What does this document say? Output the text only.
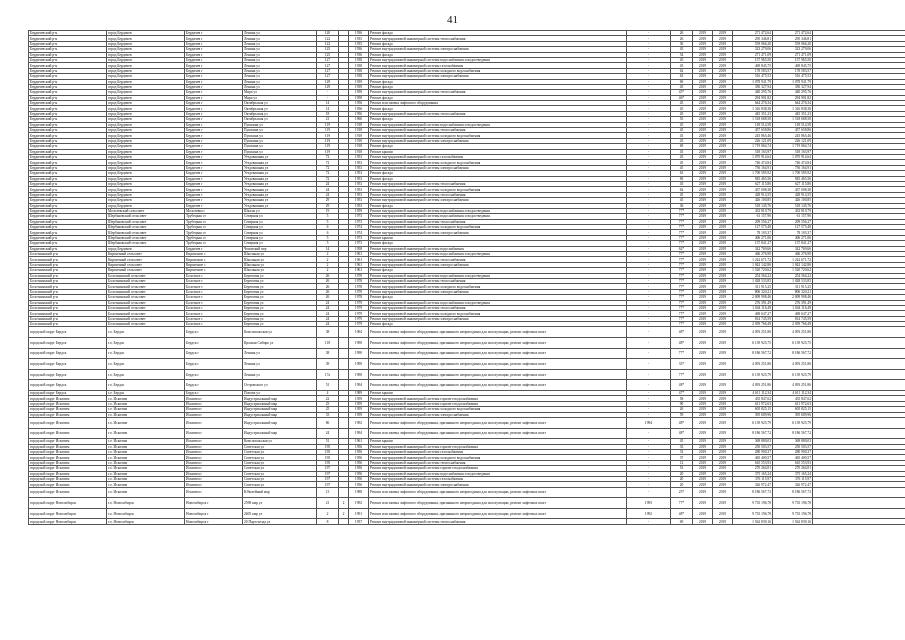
41
Бердичевский р-н	город Бердичев	Бердичев г	Ленина ул	120		1936	Ремонт фасада	-	26	2019	2019	271 472,64	271 472,64	
Бердичевский р-н	город Бердичев	Бердичев г	Ленина ул	122		1935	Ремонт внутридомовой инженерной системы теплоснабжения	-	26	2019	2019	295 346,81	295 346,81	
Бердичевский р-н	город Бердичев	Бердичев г	Ленина ул	122		1935	Ремонт фасада	-	36	2019	2019	539 066,20	539 066,20	
Бердичевский р-н	город Бердичев	Бердичев г	Ленина ул	125		1936	Ремонт внутридомовой инженерной системы электроснабжения	-	45	2019	2019	323 279,06	323 279,06	
Бердичевский р-н	город Бердичев	Бердичев г	Ленина ул	125		1936	Ремонт фасада	-	54	2019	2019	271 471,09	271 471,09	
Бердичевский р-н	город Бердичев	Бердичев г	Ленина ул	127		1938	Ремонт внутридомовой инженерной системы водоснабжения и водоотведения	-	45	2019	2019	157 965,50	157 965,50	
Бердичевский р-н	город Бердичев	Бердичев г	Ленина ул	127		1938	Ремонт внутридомовой инженерной системы газоснабжения	-	45	2019	2019	469 845,75	469 845,75	
Бердичевский р-н	город Бердичев	Бердичев г	Ленина ул	127		1938	Ремонт внутридомовой инженерной системы холодного водоснабжения	-	62	2019	2019	178 583,57	178 583,57	
Бердичевский р-н	город Бердичев	Бердичев г	Ленина ул	127		1938	Ремонт внутридомовой инженерной системы электроснабжения	-	63	2019	2019	516 475,53	516 475,53	
Бердичевский р-н	город Бердичев	Бердичев г	Ленина ул	129		1939	Ремонт фасада	-	69	2019	2019	1 078 941,79	1 078 941,79	
Бердичевский р-н	город Бердичев	Бердичев г	Ленина ул	129		1939	Ремонт фасада	-	45	2019	2019	350 327,94	350 327,94	
Бердичевский р-н	город Бердичев	Бердичев г	Мира ул	-		1958	Ремонт внутридомовой инженерной системы теплоснабжения	-	45*	2019	2019	440 295,76	440 295,76	
Бердичевский р-н	город Бердичев	Бердичев г	Мира ул	-		1958	Ремонт фасада	-	46*	2019	2019	294 901,82	294 901,82	
Бердичевский р-н	город Бердичев	Бердичев г	Октябрьская ул	14		1956	Ремонт или замена лифтового оборудования	-	45	2019	2019	644 276,34	644 276,34	
Бердичевский р-н	город Бердичев	Бердичев г	Октябрьская ул	14		1956	Ремонт фасада	-	45	2019	2019	1 316 838,38	1 316 838,38	
Бердичевский р-н	город Бердичев	Бердичев г	Октябрьская ул	18		1956	Ремонт внутридомовой инженерной системы теплоснабжения	-	45	2019	2019	445 351,23	445 351,23	
Бердичевский р-н	город Бердичев	Бердичев г	Октябрьская ул	21		1960	Ремонт фасада	-	55	2019	2019	1 518 688,58	1 518 688,58	
Бердичевский р-н	город Бердичев	Бердичев г	Пушкина ул	119		1918	Ремонт внутридомовой инженерной системы водоснабжения и водоотведения	-	45	2019	2019	149 514,58	149 514,58	
Бердичевский р-н	город Бердичев	Бердичев г	Пушкина ул	119		1918	Ремонт внутридомовой инженерной системы теплоснабжения	-	45	2019	2019	457 658,86	457 658,86	
Бердичевский р-н	город Бердичев	Бердичев г	Пушкина ул	119		1918	Ремонт внутридомовой инженерной системы холодного водоснабжения	-	45	2019	2019	245 865,46	245 865,46	
Бердичевский р-н	город Бердичев	Бердичев г	Пушкина ул	119		1918	Ремонт внутридомовой инженерной системы электроснабжения	-	45	2019	2019	226 121,09	226 121,09	
Бердичевский р-н	город Бердичев	Бердичев г	Пушкина ул	119		1918	Ремонт фасада	-	69	2019	2019	1 719 064,74	1 719 064,74	
Бердичевский р-н	город Бердичев	Бердичев г	Пушкина ул	119		1918	Ремонт крыши	-	45	2019	2019	518 163,97	518 163,97	
Бердичевский р-н	город Бердичев	Бердичев г	Уездовашная ул	72		1953	Ремонт внутридомовой инженерной системы газоснабжения	-	45	2019	2019	1 070 914,64	1 070 914,64	
Бердичевский р-н	город Бердичев	Бердичев г	Уездовашная ул	72		1953	Ремонт внутридомовой инженерной системы холодного водоснабжения	-	45	2019	2019	746 474,84	746 474,84	
Бердичевский р-н	город Бердичев	Бердичев г	Уездовашная ул	72		1953	Ремонт внутридомовой инженерной системы электроснабжения	-	45	2019	2019	756 164,91	756 164,91	
Бердичевский р-н	город Бердичев	Бердичев г	Уездовашная ул	72		1953	Ремонт фасада	-	63	2019	2019	1 700 585,92	1 700 585,92	
Бердичевский р-н	город Бердичев	Бердичев г	Уездовашная ул	72		1953	Ремонт фасада	-	69	2019	2019	945 465,56	945 465,56	
Бердичевский р-н	город Бердичев	Бердичев г	Уездовашная ул	24		1953	Ремонт внутридомовой инженерной системы теплоснабжения	-	45	2019	2019	627 115,86	627 115,86	
Бердичевский р-н	город Бердичев	Бердичев г	Уездовашная ул	24		1953	Ремонт внутридомовой инженерной системы холодного водоснабжения	-	62	2019	2019	457 008,38	457 008,38	
Бердичевский р-н	город Бердичев	Бердичев г	Уездовашная ул	24		1953	Ремонт внутридомовой инженерной системы теплоснабжения	-	45	2019	2019	428 914,55	428 914,55	
Бердичевский р-н	город Бердичев	Бердичев г	Уездовашная ул	29		1953	Ремонт внутридомовой инженерной системы электроснабжения	-	45	2019	2019	426 100,85	426 100,85	
Бердичевский р-н	город Бердичев	Бердичев г	Уездовашная ул	29		1953	Ремонт фасада	-	36	2019	2019	518 145,76	518 145,76	
Бердичевский р-н	Молотевский сельсовет	Молотевка с	Шкалы ул	19		1959	Ремонт внутридомовой инженерной системы водоснабжения и водоотведения	-	77*	2019	2019	433 819,79	433 819,79	
Бердичевский р-н	Шербаковский сельсовет	Трубецкая ст	Северная ул	5		1973	Ремонт внутридомовой инженерной системы водоснабжения и водоотведения	-	77*	2019	2019	61 157,96	61 157,96	
Бердичевский р-н	Шербаковский сельсовет	Трубецкая ст	Северная ул	5		1973	Ремонт внутридомовой инженерной системы теплоснабжения	-	77*	2019	2019	209 556,27	209 556,27	
Бердичевский р-н	Шербаковский сельсовет	Трубецкая ст	Северная ул	6		1974	Ремонт внутридомовой инженерной системы холодного водоснабжения	-	77*	2019	2019	127 575,48	127 575,48	
Бердичевский р-н	Шербаковский сельсовет	Трубецкая ст	Северная ул	6		1974	Ремонт внутридомовой инженерной системы электроснабжения	-	77*	2019	2019	78 103,37	78 103,37	
Бердичевский р-н	Шербаковский сельсовет	Трубецкая ст	Северная ул	5		1973	Ремонт крыши	-	77*	2019	2019	406 271,06	406 271,06	
Бердичевский р-н	Шербаковский сельсовет	Трубецкая ст	Северная ул	5		1973	Ремонт фасада	-	77*	2019	2019	137 841,27	137 841,27	
Бердичевский р-н	город Бердичев	Бердичев г	Чеховский пер	14		1958	Ремонт внутридомовой инженерной системы водоснабжения	-	62*	2019	2019	342 769,66	342 769,66	
Болотнинский р-н	Кирпичный сельсовет	Кирпичное с	Школьная ул	2		1961	Ремонт внутридомовой инженерной системы водоснабжения и водоотведения	-	77*	2019	2019	466 276,90	466 276,90	
Болотнинский р-н	Кирпичный сельсовет	Кирпичное с	Школьная ул	2		1961	Ремонт внутридомовой инженерной системы теплоснабжения	-	77*	2019	2019	1 242 671,72	1 242 671,72	
Болотнинский р-н	Кирпичный сельсовет	Кирпичное с	Школьная ул	2		1961	Ремонт внутридомовой инженерной системы электроснабжения	-	77*	2019	2019	1 042 142,86	1 042 142,86	
Болотнинский р-н	Кирпичный сельсовет	Кирпичное с	Школьная ул	2		1961	Ремонт фасада	-	77*	2019	2019	1 520 720,62	1 520 720,62	
Болотнинский р-н	Болотнинский сельсовет	Болотное с	Береговая ул	26		1978	Ремонт внутридомовой инженерной системы водоснабжения и водоотведения	-	77*	2019	2019	254 564,22	254 564,22	
Болотнинский р-н	Болотнинский сельсовет	Болотное с	Береговая ул	26		1978	Ремонт внутридомовой инженерной системы теплоснабжения	-	77*	2019	2019	1 028 533,85	1 028 533,85	
Болотнинский р-н	Болотнинский сельсовет	Болотное с	Береговая ул	26		1978	Ремонт внутридомовой инженерной системы холодного водоснабжения	-	77*	2019	2019	311 915,25	311 915,25	
Болотнинский р-н	Болотнинский сельсовет	Болотное с	Береговая ул	26		1978	Ремонт внутридомовой инженерной системы электроснабжения	-	77*	2019	2019	806 320,21	806 320,21	
Болотнинский р-н	Болотнинский сельсовет	Болотное с	Береговая ул	26		1978	Ремонт фасада	-	77*	2019	2019	2 009 908,46	2 009 908,46	
Болотнинский р-н	Болотнинский сельсовет	Болотное с	Береговая ул	24		1979	Ремонт внутридомовой инженерной системы водоснабжения и водоотведения	-	77*	2019	2019	276 391,49	276 391,49	
Болотнинский р-н	Болотнинский сельсовет	Болотное с	Береговая ул	24		1979	Ремонт внутридомовой инженерной системы теплоснабжения	-	77*	2019	2019	1 044 116,49	1 044 116,49	
Болотнинский р-н	Болотнинский сельсовет	Болотное с	Береговая ул	24		1979	Ремонт внутридомовой инженерной системы холодного водоснабжения	-	77*	2019	2019	469 647,27	469 647,27	
Болотнинский р-н	Болотнинский сельсовет	Болотное с	Береговая ул	24		1979	Ремонт внутридомовой инженерной системы электроснабжения	-	77*	2019	2019	814 745,59	814 745,59	
Болотнинский р-н	Болотнинский сельсовет	Болотное с	Береговая ул	24		1979	Ремонт фасада	-	77*	2019	2019	2 059 766,49	2 059 766,49	
городской округ Бердск	г.о. Бердск	Бердск г	Комсомольская ул	38		1964	Ремонт или замена лифтового оборудования, признанного непригодным для эксплуатации, ремонт лифтовых шахт	-	48*	2019	2019	4 093 251,86	4 093 251,86	
городской округ Бердск	г.о. Бердск	Бердск г	Красная Сибирь ул	118		1990	Ремонт или замена лифтового оборудования, признанного непригодным для эксплуатации, ремонт лифтовых шахт	-	48*	2019	2019	6 139 925,75	6 139 925,75	
городской округ Бердск	г.о. Бердск	Бердск г	Ленина ул	38		1990	Ремонт или замена лифтового оборудования, признанного непригодным для эксплуатации, ремонт лифтовых шахт	-	77*	2019	2019	8 186 567,72	8 186 567,72	
городской округ Бердск	г.о. Бердск	Бердск г	Ленина ул	39		1990	Ремонт или замена лифтового оборудования, признанного непригодным для эксплуатации, ремонт лифтовых шахт	-	33*	2019	2019	4 093 251,86	4 093 251,86	
городской округ Бердск	г.о. Бердск	Бердск г	Ленина ул	17а		1990	Ремонт или замена лифтового оборудования, признанного непригодным для эксплуатации, ремонт лифтовых шахт	-	77*	2019	2019	6 139 925,79	6 139 925,79	
городской округ Бердск	г.о. Бердск	Бердск г	Островского ул	51		1994	Ремонт или замена лифтового оборудования, признанного непригодным для эксплуатации, ремонт лифтовых шахт	-	48*	2019	2019	4 093 251,86	4 093 251,86	
городской округ Бердск	г.о. Бердск	Бердск г	Попова ул	4		1989	Ремонт крыши	-	47*	2019	2019	4 611 112,34	4 611 112,34	
городской округ Искитим	г.о. Искитим	Искитим г	Индустриальный мкр	22		1959	Ремонт внутридомовой инженерной системы горячего водоснабжения	-	58	2019	2019	435 847,62	435 847,62	
городской округ Искитим	г.о. Искитим	Искитим г	Индустриальный мкр	25		1959	Ремонт внутридомовой инженерной системы горячего водоснабжения	-	90	2019	2019	611 972,63	611 972,63	
городской округ Искитим	г.о. Искитим	Искитим г	Индустриальный мкр	25		1959	Ремонт внутридомовой инженерной системы холодного водоснабжения	-	26	2019	2019	605 825,15	605 825,15	
городской округ Искитим	г.о. Искитим	Искитим г	Индустриальный мкр	33		1959	Ремонт внутридомовой инженерной системы электроснабжения	-	59	2019	2019	395 689,96	395 689,96	
городской округ Искитим	г.о. Искитим	Искитим г	Индустриальный мкр	86		1992	Ремонт или замена лифтового оборудования, признанного непригодным для эксплуатации, ремонт лифтовых шахт	1994	48*	2019	2019	6 139 925,79	6 139 925,79	
городской округ Искитим	г.о. Искитим	Искитим г	Индустриальный мкр	24		1994	Ремонт или замена лифтового оборудования, признанного непригодным для эксплуатации, ремонт лифтовых шахт	-	48*	2019	2019	8 186 567,72	8 186 567,72	
городской округ Искитим	г.о. Искитим	Искитим г	Комсомольская ул	51		1961	Ремонт крыши	-	45	2019	2019	369 880,03	369 880,03	
городской округ Искитим	г.о. Искитим	Искитим г	Советская ул	195		1956	Ремонт внутридомовой инженерной системы горячего водоснабжения	-	35	2019	2019	250 503,57	250 503,57	
городской округ Искитим	г.о. Искитим	Искитим г	Советская ул	195		1956	Ремонт внутридомовой инженерной системы газоснабжения	-	33	2019	2019	280 900,37	280 900,37	
городской округ Искитим	г.о. Искитим	Искитим г	Советская ул	195		1956	Ремонт внутридомовой инженерной системы холодного водоснабжения	-	37	2019	2019	465 400,57	465 400,57	
городской округ Искитим	г.о. Искитим	Искитим г	Советская ул	195		1956	Ремонт внутридомовой инженерной системы теплоснабжения	-	12	2019	2019	610 553,93	610 553,93	
городской округ Искитим	г.о. Искитим	Искитим г	Советская ул	197		1956	Ремонт внутридомовой инженерной системы горячего водоснабжения	-	53	2019	2019	270 264,81	270 264,81	
городской округ Искитим	г.о. Искитим	Искитим г	Советская ул	197		1956	Ремонт внутридомовой инженерной системы водоснабжения и водоотведения	-	20	2019	2019	375 165,24	375 165,24	
городской округ Искитим	г.о. Искитим	Искитим г	Советская ул	197		1956	Ремонт внутридомовой инженерной системы газоснабжения	-	20	2019	2019	376 115,97	376 115,97	
городской округ Искитим	г.о. Искитим	Искитим г	Советская ул	197		1956	Ремонт внутридомовой инженерной системы электроснабжения	-	20	2019	2019	326 972,47	326 972,47	
городской округ Искитим	г.о. Искитим	Искитим г	Юбилейный мкр	13		1988	Ремонт или замена лифтового оборудования, признанного непригодным для эксплуатации, ремонт лифтовых шахт	-	25*	2019	2019	8 186 567,72	8 186 567,72	
городской округ Новосибирск	г.о. Новосибирск	Новосибирск г	2598 кмр ул	21	2	1992	Ремонт или замена лифтового оборудования, признанного непригодным для эксплуатации, ремонт лифтовых шахт	1993	77*	2019	2019	9 735 196,78	9 735 196,78	
городской округ Новосибирск	г.о. Новосибирск	Новосибирск г	2605 кмр ул	2	2	1991	Ремонт или замена лифтового оборудования, признанного непригодным для эксплуатации, ремонт лифтовых шахт	1992	48*	2019	2019	9 735 196,78	9 735 196,78	
городской округ Новосибирск	г.о. Новосибирск	Новосибирск г	20 Партсъезда ул	8		1957	Ремонт внутридомовой инженерной системы теплоснабжения	-	69	2019	2019	1 562 839,16	1 562 839,16	
